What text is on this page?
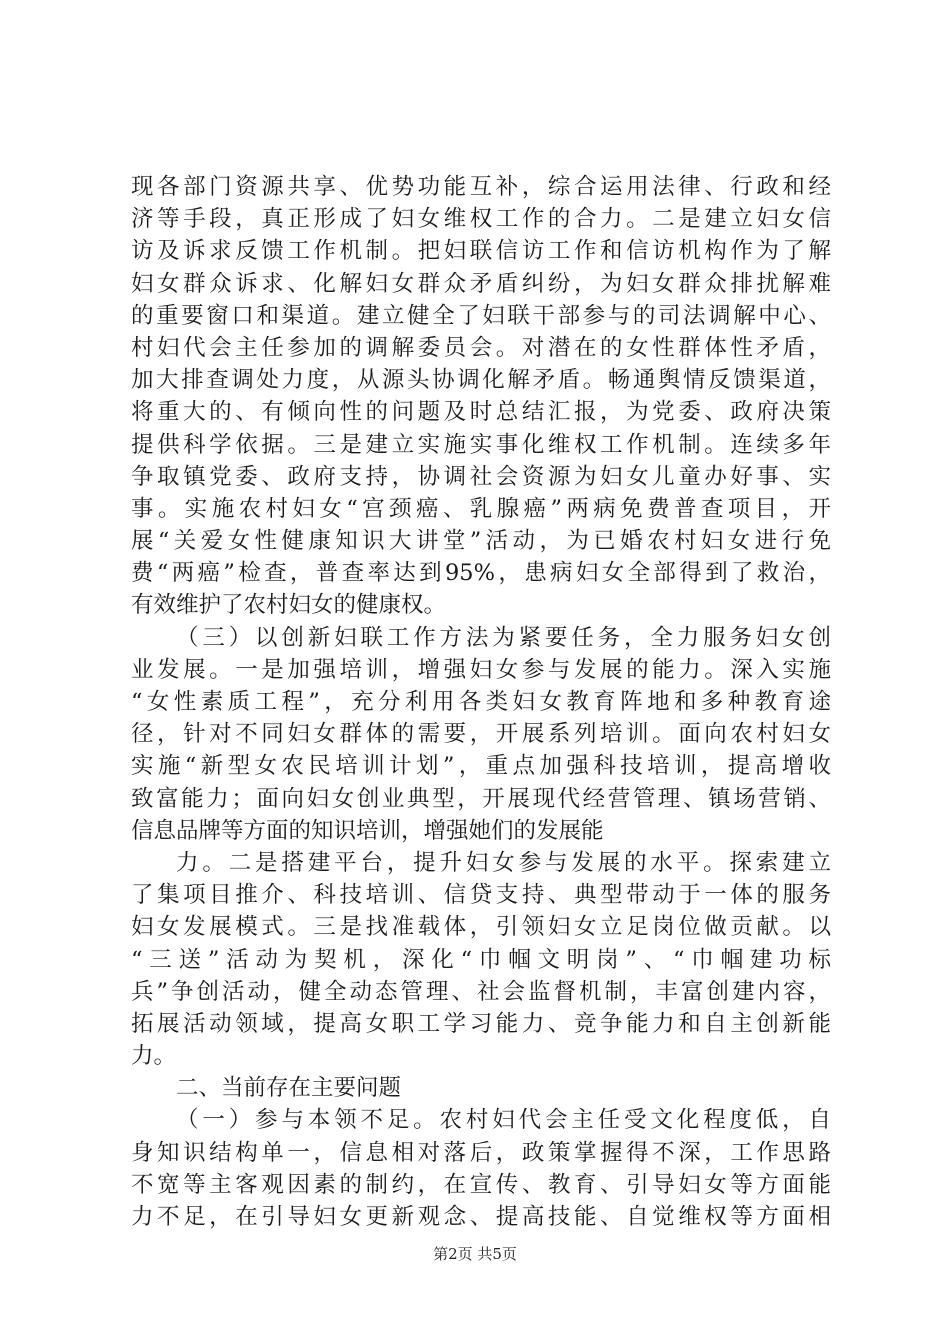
现各部门资源共享、优势功能互补，综合运用法律、行政和经
济等手段，真正形成了妇女维权工作的合力。二是建立妇女信
访及诉求反馈工作机制。把妇联信访工作和信访机构作为了解
妇女群众诉求、化解妇女群众矛盾纠纷，为妇女群众排扰解难
的重要窗口和渠道。建立健全了妇联干部参与的司法调解中心、
村妇代会主任参加的调解委员会。对潜在的女性群体性矛盾，
加大排查调处力度，从源头协调化解矛盾。畅通舆情反馈渠道，
将重大的、有倾向性的问题及时总结汇报，为党委、政府决策
提供科学依据。三是建立实施实事化维权工作机制。连续多年
争取镇党委、政府支持，协调社会资源为妇女儿童办好事、实
事。实施农村妇女“宫颈癌、乳腺癌”两病免费普查项目，开
展“关爱女性健康知识大讲堂”活动，为已婚农村妇女进行免
费“两癌”检查，普查率达到95%，患病妇女全部得到了救治，
有效维护了农村妇女的健康权。
（三）以创新妇联工作方法为紧要任务，全力服务妇女创
业发展。一是加强培训，增强妇女参与发展的能力。深入实施
“女性素质工程”，充分利用各类妇女教育阵地和多种教育途
径，针对不同妇女群体的需要，开展系列培训。面向农村妇女
实施“新型女农民培训计划”，重点加强科技培训，提高增收
致富能力；面向妇女创业典型，开展现代经营管理、镇场营销、
信息品牌等方面的知识培训，增强她们的发展能
力。二是搭建平台，提升妇女参与发展的水平。探索建立
了集项目推介、科技培训、信贷支持、典型带动于一体的服务
妇女发展模式。三是找准载体，引领妇女立足岗位做贡献。以
“三送”活动为契机，深化“巾帼文明岗”、“巾帼建功标
兵”争创活动，健全动态管理、社会监督机制，丰富创建内容，
拓展活动领域，提高女职工学习能力、竞争能力和自主创新能
力。
二、当前存在主要问题
（一）参与本领不足。农村妇代会主任受文化程度低，自
身知识结构单一，信息相对落后，政策掌握得不深，工作思路
不宽等主客观因素的制约，在宣传、教育、引导妇女等方面能
力不足，在引导妇女更新观念、提高技能、自觉维权等方面相
第2页 共5页
